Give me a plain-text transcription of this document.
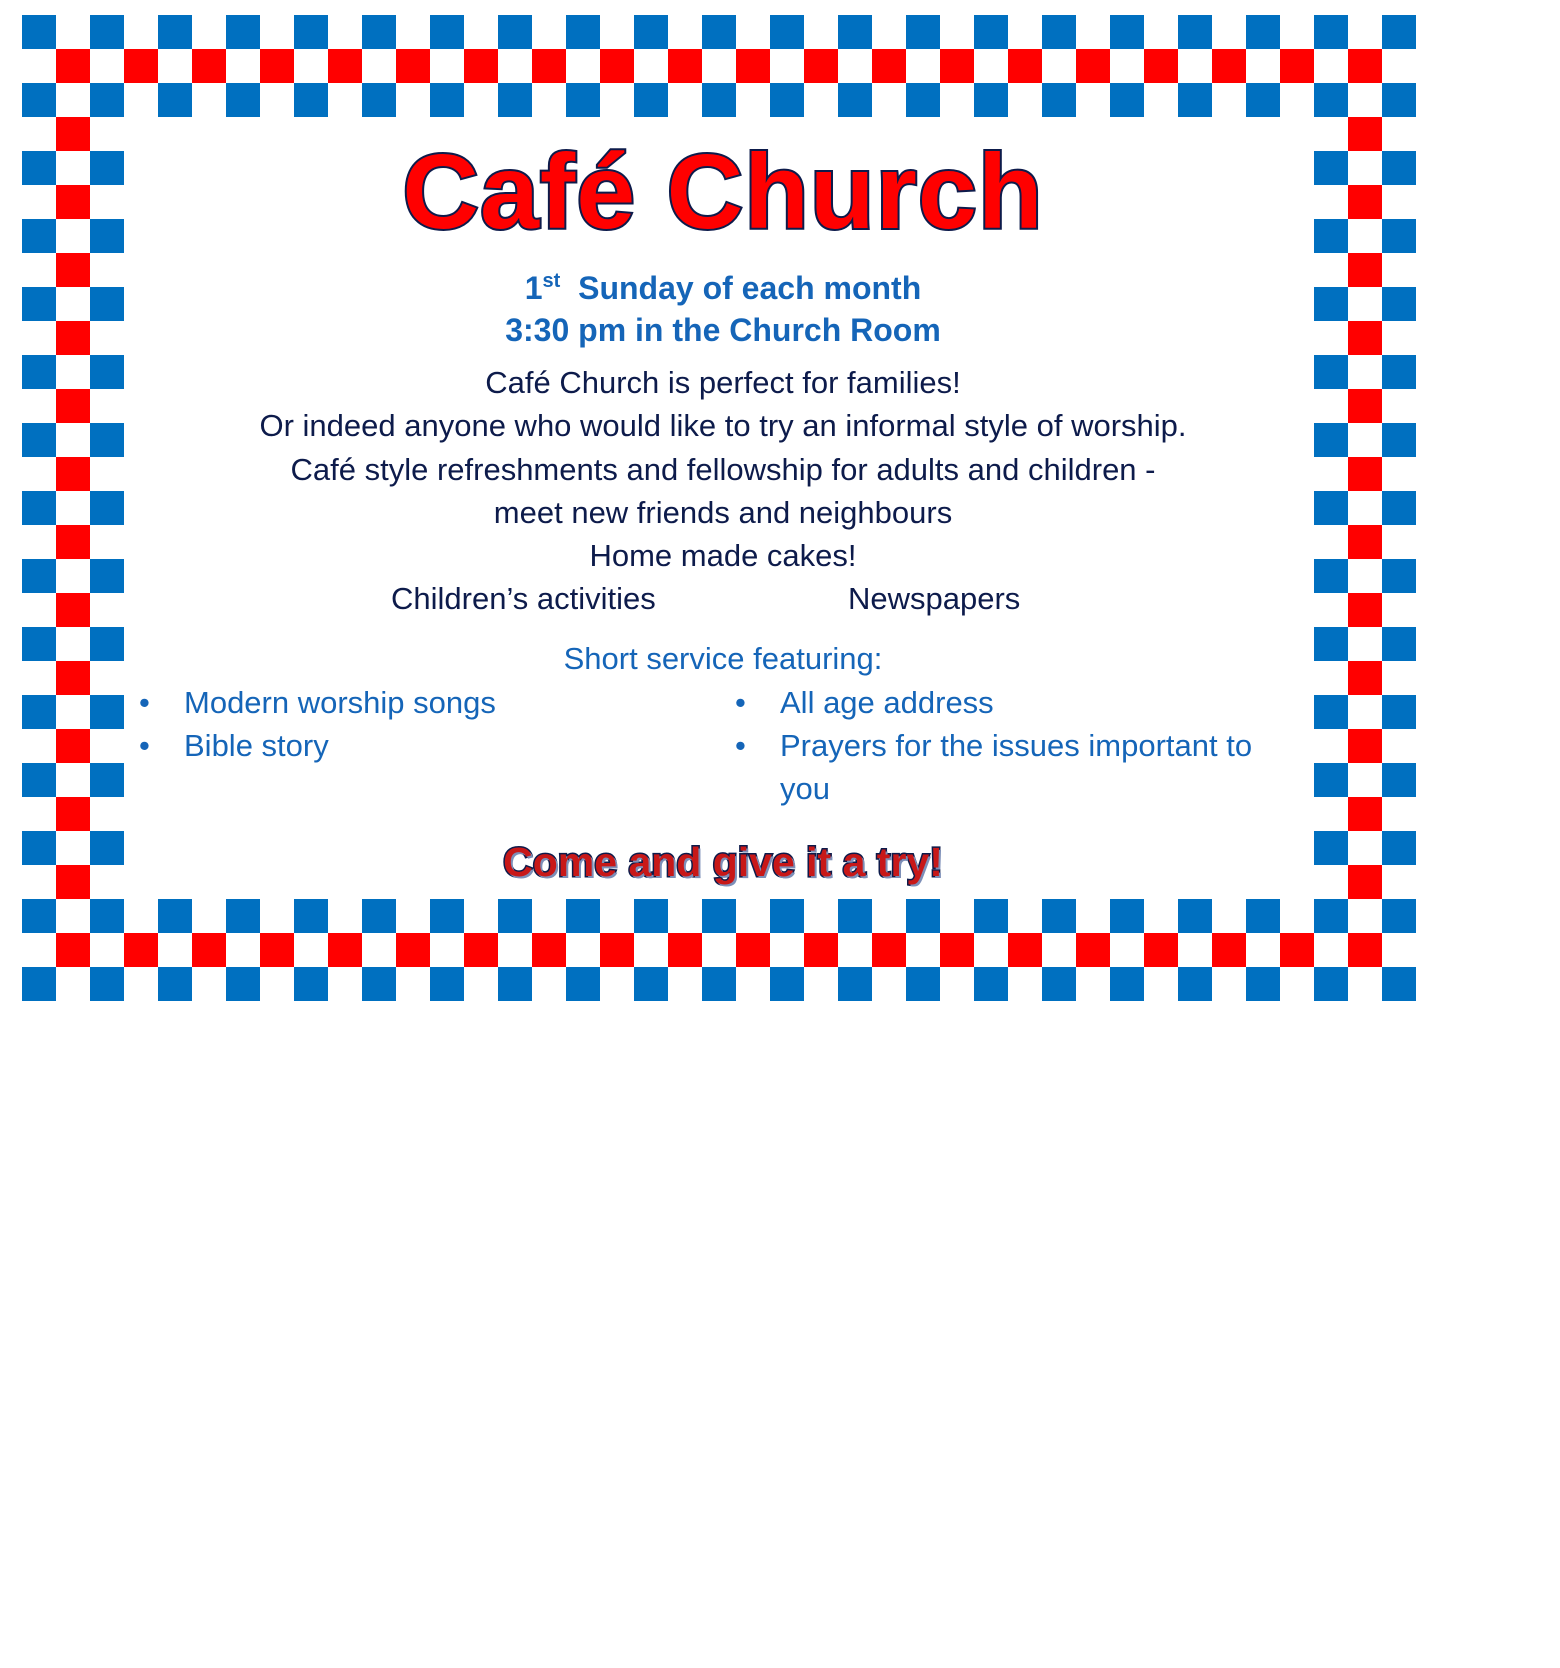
Café Church
1st Sunday of each month
3:30 pm in the Church Room
Café Church is perfect for families!
Or indeed anyone who would like to try an informal style of worship.
Café style refreshments and fellowship for adults and children -
meet new friends and neighbours
Home made cakes!
Children’s activities	Newspapers
Short service featuring:
• Modern worship songs
• Bible story
• All age address
• Prayers for the issues important to you
Come and give it a try!
